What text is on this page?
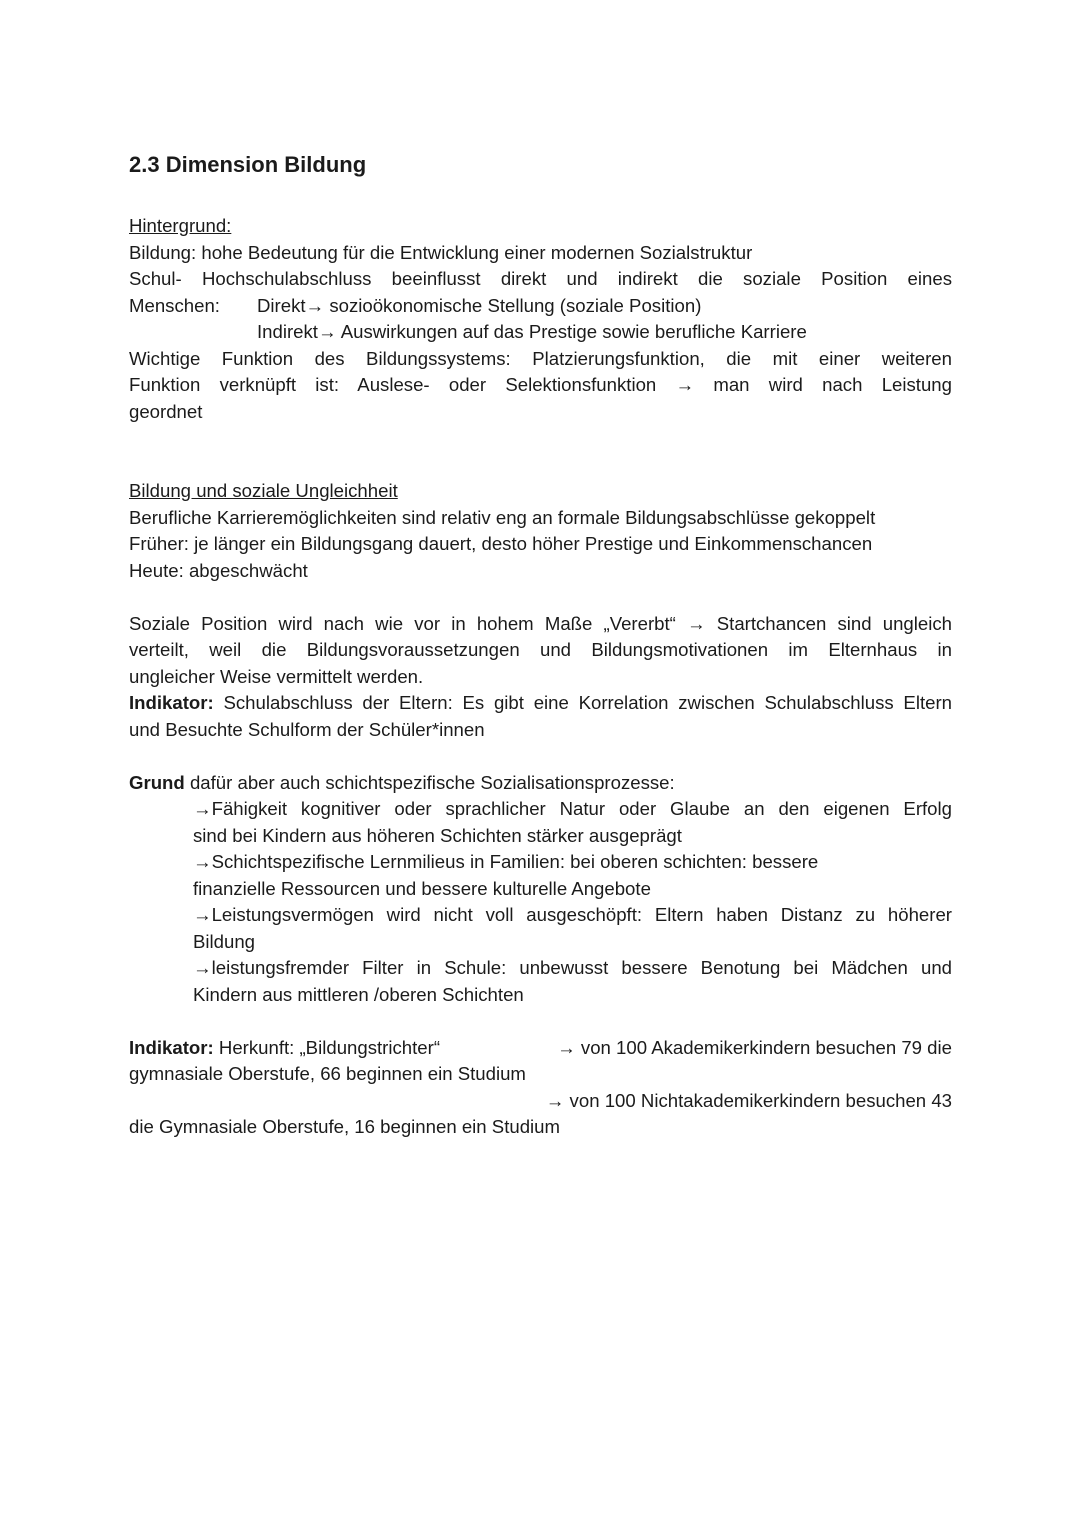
2.3 Dimension Bildung

Hintergrund:

Bildung: hohe Bedeutung für die Entwicklung einer modernen Sozialstruktur

Schul- Hochschulabschluss beeinflusst direkt und indirekt die soziale Position eines

Menschen:	Direkt→ sozioökonomische Stellung (soziale Position)

Indirekt→ Auswirkungen auf das Prestige sowie berufliche Karriere

Wichtige Funktion des Bildungssystems: Platzierungsfunktion, die mit einer weiteren

Funktion verknüpft ist: Auslese- oder Selektionsfunktion → man wird nach Leistung

geordnet

Bildung und soziale Ungleichheit

Berufliche Karrieremöglichkeiten sind relativ eng an formale Bildungsabschlüsse gekoppelt

Früher: je länger ein Bildungsgang dauert, desto höher Prestige und Einkommenschancen

Heute: abgeschwächt

Soziale Position wird nach wie vor in hohem Maße „Vererbt“ → Startchancen sind ungleich

verteilt, weil die Bildungsvoraussetzungen und Bildungsmotivationen im Elternhaus in

ungleicher Weise vermittelt werden.

Indikator: Schulabschluss der Eltern: Es gibt eine Korrelation zwischen Schulabschluss Eltern

und Besuchte Schulform der Schüler*innen

Grund dafür aber auch schichtspezifische Sozialisationsprozesse:

→Fähigkeit kognitiver oder sprachlicher Natur oder Glaube an den eigenen Erfolg

sind bei Kindern aus höheren Schichten stärker ausgeprägt

→Schichtspezifische Lernmilieus in Familien: bei oberen schichten: bessere

finanzielle Ressourcen und bessere kulturelle Angebote

→Leistungsvermögen wird nicht voll ausgeschöpft: Eltern haben Distanz zu höherer

Bildung

→leistungsfremder Filter in Schule: unbewusst bessere Benotung bei Mädchen und

Kindern aus mittleren /oberen Schichten

Indikator: Herkunft: „Bildungstrichter“	→ von 100 Akademikerkindern besuchen 79 die

gymnasiale Oberstufe, 66 beginnen ein Studium

→ von 100 Nichtakademikerkindern besuchen 43

die Gymnasiale Oberstufe, 16 beginnen ein Studium
